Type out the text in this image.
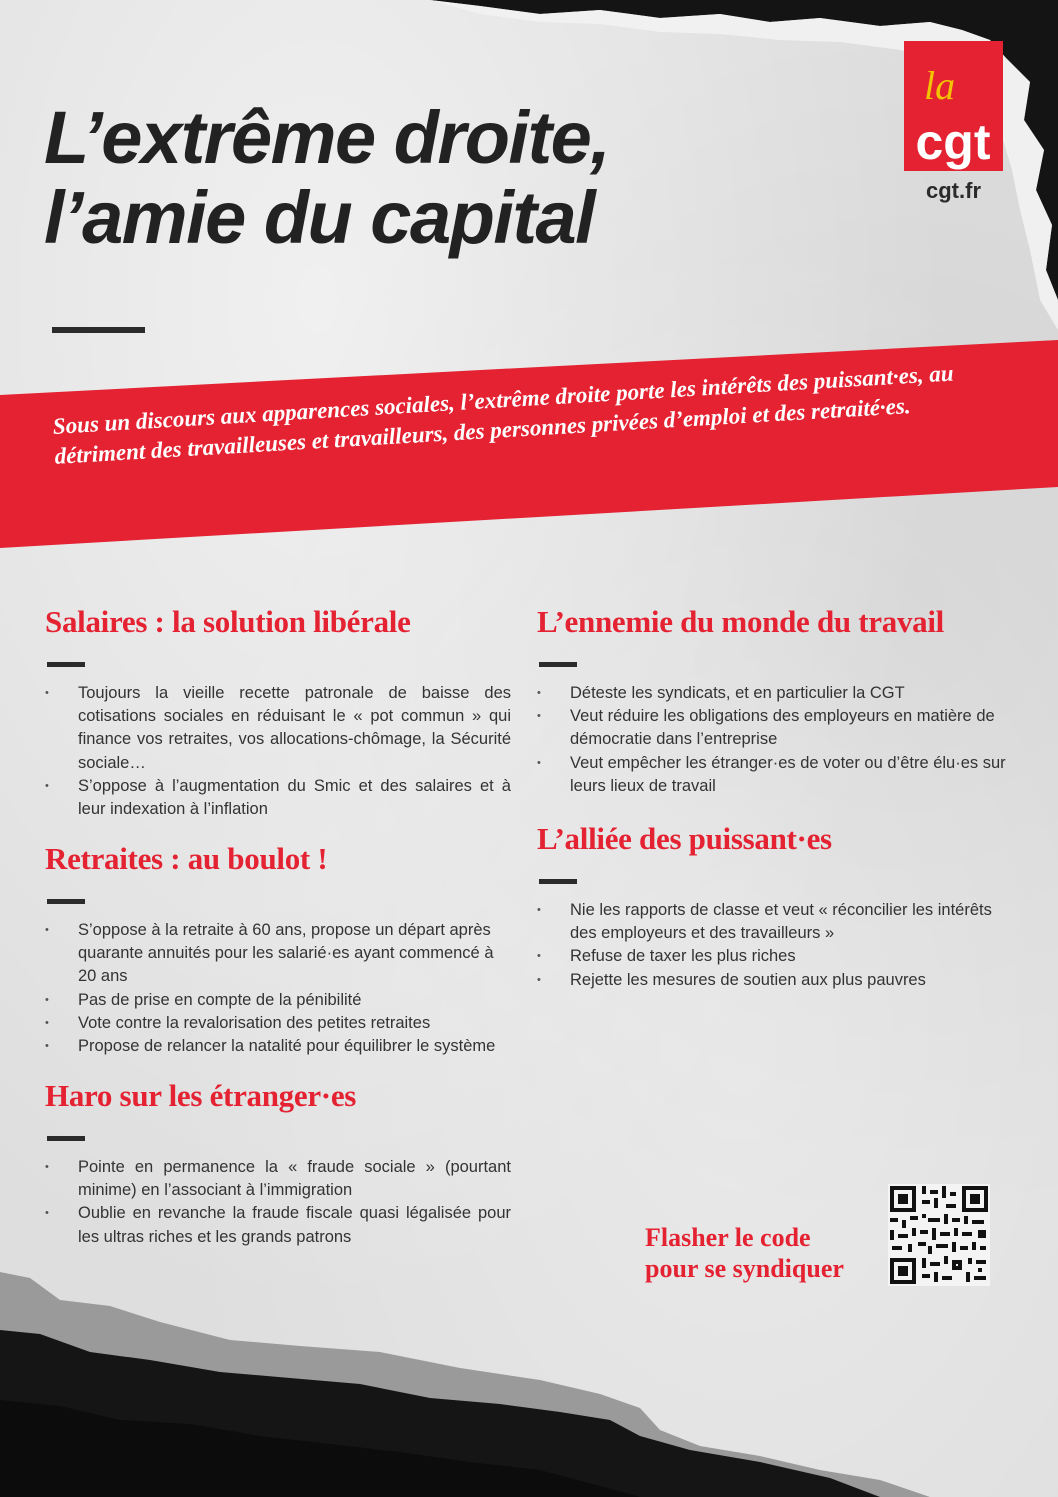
la
cgt
cgt.fr
L’extrême droite,
l’amie du capital

Sous un discours aux apparences sociales, l’extrême droite porte les intérêts des puissant·es, au détriment des travailleuses et travailleurs, des personnes privées d’emploi et des retraité·es.

Salaires : la solution libérale
• Toujours la vieille recette patronale de baisse des cotisations sociales en réduisant le « pot commun » qui finance vos retraites, vos allocations-chômage, la Sécurité sociale…
• S’oppose à l’augmentation du Smic et des salaires et à leur indexation à l’inflation
Retraites : au boulot !
• S’oppose à la retraite à 60 ans, propose un départ après quarante annuités pour les salarié·es ayant commencé à 20 ans
• Pas de prise en compte de la pénibilité
• Vote contre la revalorisation des petites retraites
• Propose de relancer la natalité pour équilibrer le système
Haro sur les étranger·es
• Pointe en permanence la « fraude sociale » (pourtant minime) en l’associant à l’immigration
• Oublie en revanche la fraude fiscale quasi légalisée pour les ultras riches et les grands patrons
L’ennemie du monde du travail
• Déteste les syndicats, et en particulier la CGT
• Veut réduire les obligations des employeurs en matière de démocratie dans l’entreprise
• Veut empêcher les étranger·es de voter ou d’être élu·es sur leurs lieux de travail
L’alliée des puissant·es
• Nie les rapports de classe et veut « réconcilier les intérêts des employeurs et des travailleurs »
• Refuse de taxer les plus riches
• Rejette les mesures de soutien aux plus pauvres
Flasher le code
pour se syndiquer
